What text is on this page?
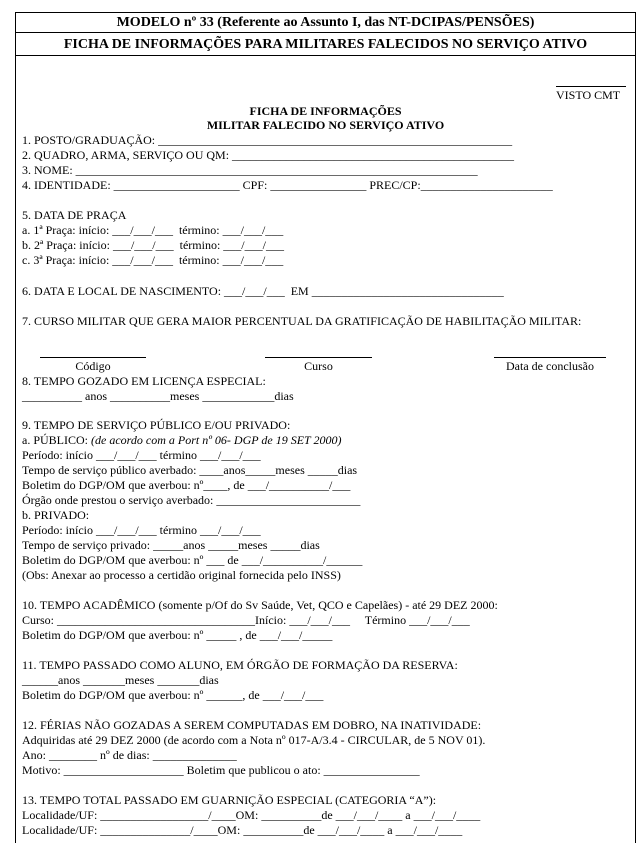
MODELO nº 33 (Referente ao Assunto I, das NT-DCIPAS/PENSÕES)
FICHA DE INFORMAÇÕES PARA MILITARES FALECIDOS NO SERVIÇO ATIVO
VISTO CMT
FICHA DE INFORMAÇÕES
MILITAR FALECIDO NO SERVIÇO ATIVO
1. POSTO/GRADUAÇÃO: ___________________________________________________________
2. QUADRO, ARMA, SERVIÇO OU QM: _______________________________________________
3. NOME: ___________________________________________________________________
4. IDENTIDADE: _____________________ CPF: ________________ PREC/CP:______________________
5. DATA DE PRAÇA
a. 1ª Praça: início: ___/___/___  término: ___/___/___
b. 2ª Praça: início: ___/___/___  término: ___/___/___
c. 3ª Praça: início: ___/___/___  término: ___/___/___
6. DATA E LOCAL DE NASCIMENTO: ___/___/___  EM ________________________________
7. CURSO MILITAR QUE GERA MAIOR PERCENTUAL DA GRATIFICAÇÃO DE HABILITAÇÃO MILITAR:
Código	Curso	Data de conclusão
8. TEMPO GOZADO EM LICENÇA ESPECIAL:
__________ anos __________meses ____________dias
9. TEMPO DE SERVIÇO PÚBLICO E/OU PRIVADO:
a. PÚBLICO: (de acordo com a Port nº 06- DGP de 19 SET 2000)
Período: início ___/___/___ término ___/___/___
Tempo de serviço público averbado: ____anos_____meses _____dias
Boletim do DGP/OM que averbou: nº____, de ___/__________/___
Órgão onde prestou o serviço averbado: ________________________
b. PRIVADO:
Período: início ___/___/___ término ___/___/___
Tempo de serviço privado: _____anos _____meses _____dias
Boletim do DGP/OM que averbou: nº ___ de ___/__________/______
(Obs: Anexar ao processo a certidão original fornecida pelo INSS)
10. TEMPO ACADÊMICO (somente p/Of do Sv Saúde, Vet, QCO e Capelães) - até 29 DEZ 2000:
Curso: _________________________________Início: ___/___/___     Término ___/___/___
Boletim do DGP/OM que averbou: nº _____ , de ___/___/_____
11. TEMPO PASSADO COMO ALUNO, EM ÓRGÃO DE FORMAÇÃO DA RESERVA:
______anos _______meses _______dias
Boletim do DGP/OM que averbou: nº ______, de ___/___/___
12. FÉRIAS NÃO GOZADAS A SEREM COMPUTADAS EM DOBRO, NA INATIVIDADE:
Adquiridas até 29 DEZ 2000 (de acordo com a Nota nº 017-A/3.4 - CIRCULAR, de 5 NOV 01).
Ano: ________ nº de dias: ______________
Motivo: ____________________ Boletim que publicou o ato: ________________
13. TEMPO TOTAL PASSADO EM GUARNIÇÃO ESPECIAL (CATEGORIA “A”):
Localidade/UF: __________________/____OM: __________de ___/___/____ a ___/___/____
Localidade/UF: _______________/____OM: __________de ___/___/____ a ___/___/____
